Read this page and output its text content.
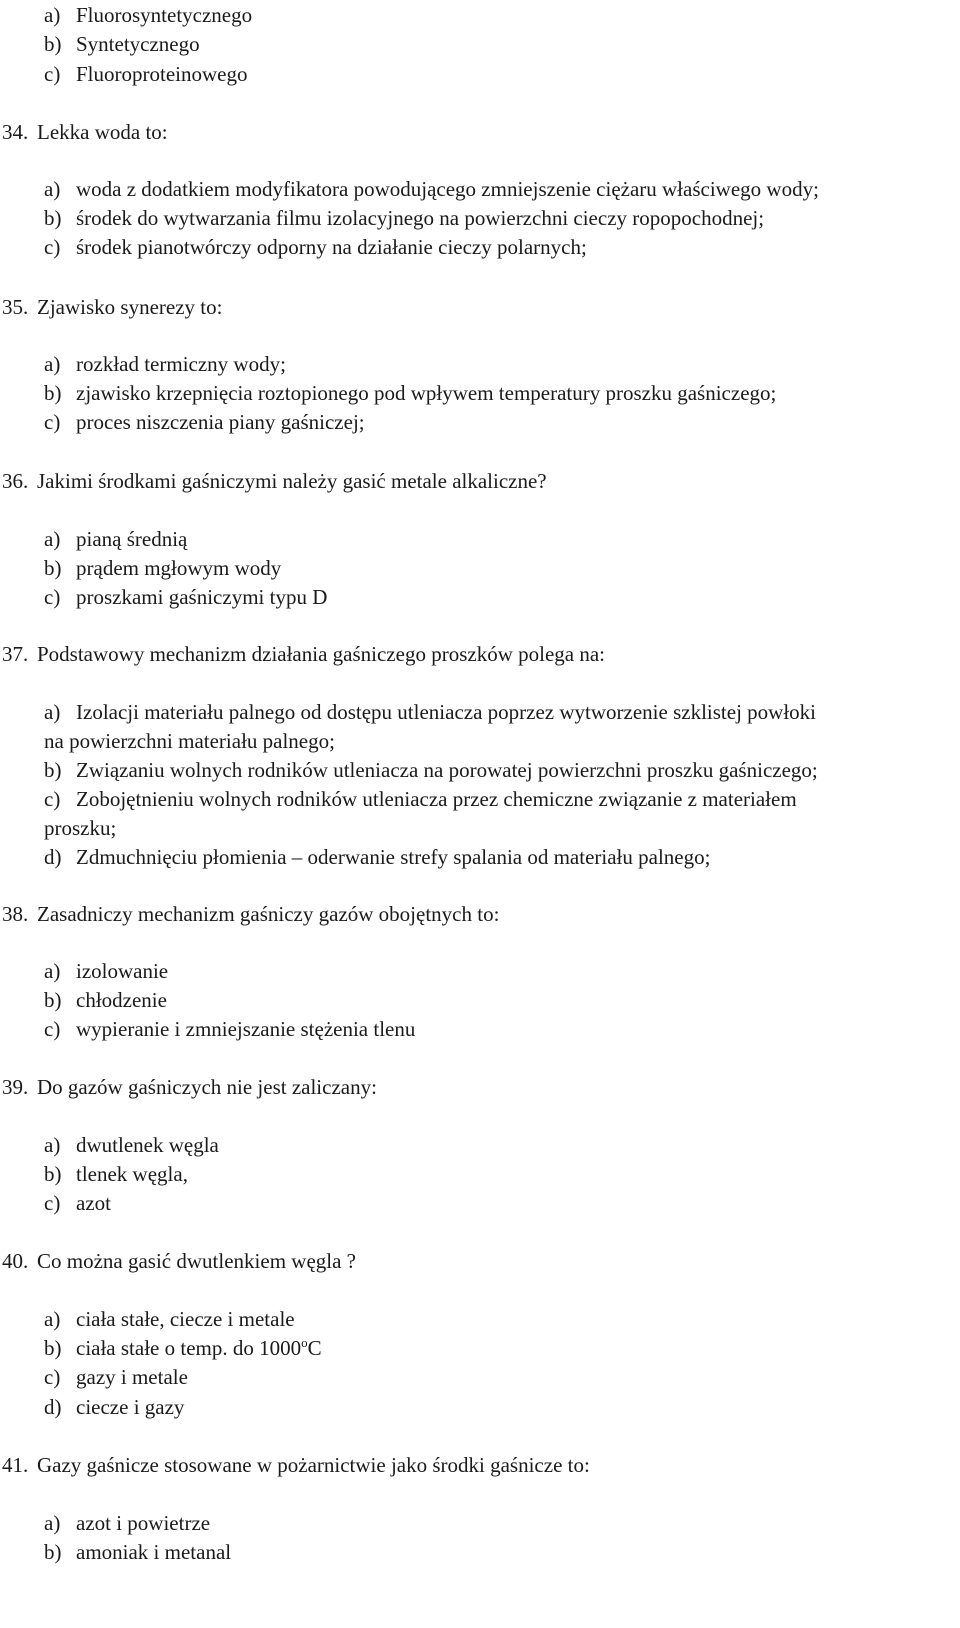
a) Fluorosyntetycznego
b) Syntetycznego
c) Fluoroproteinowego
34. Lekka woda to:
a) woda z dodatkiem modyfikatora powodującego zmniejszenie ciężaru właściwego wody;
b) środek do wytwarzania filmu izolacyjnego na powierzchni cieczy ropopochodnej;
c) środek pianotwórczy odporny na działanie cieczy polarnych;
35. Zjawisko synerezy to:
a) rozkład termiczny wody;
b) zjawisko krzepnięcia roztopionego pod wpływem temperatury proszku gaśniczego;
c) proces niszczenia piany gaśniczej;
36. Jakimi środkami gaśniczymi należy gasić metale alkaliczne?
a) pianą średnią
b) prądem mgłowym wody
c) proszkami gaśniczymi typu D
37. Podstawowy mechanizm działania gaśniczego proszków polega na:
a) Izolacji materiału palnego od dostępu utleniacza poprzez wytworzenie szklistej powłoki
na powierzchni materiału palnego;
b) Związaniu wolnych rodników utleniacza na porowatej powierzchni proszku gaśniczego;
c) Zobojętnieniu wolnych rodników utleniacza przez chemiczne związanie z materiałem
proszku;
d) Zdmuchnięciu płomienia – oderwanie strefy spalania od materiału palnego;
38. Zasadniczy mechanizm gaśniczy gazów obojętnych to:
a) izolowanie
b) chłodzenie
c) wypieranie i zmniejszanie stężenia tlenu
39. Do gazów gaśniczych nie jest zaliczany:
a) dwutlenek węgla
b) tlenek węgla,
c) azot
40. Co można gasić dwutlenkiem węgla ?
a) ciała stałe, ciecze i metale
b) ciała stałe o temp. do 1000$^o$C
c) gazy i metale
d) ciecze i gazy
41. Gazy gaśnicze stosowane w pożarnictwie jako środki gaśnicze to:
a) azot i powietrze
b) amoniak i metanal
